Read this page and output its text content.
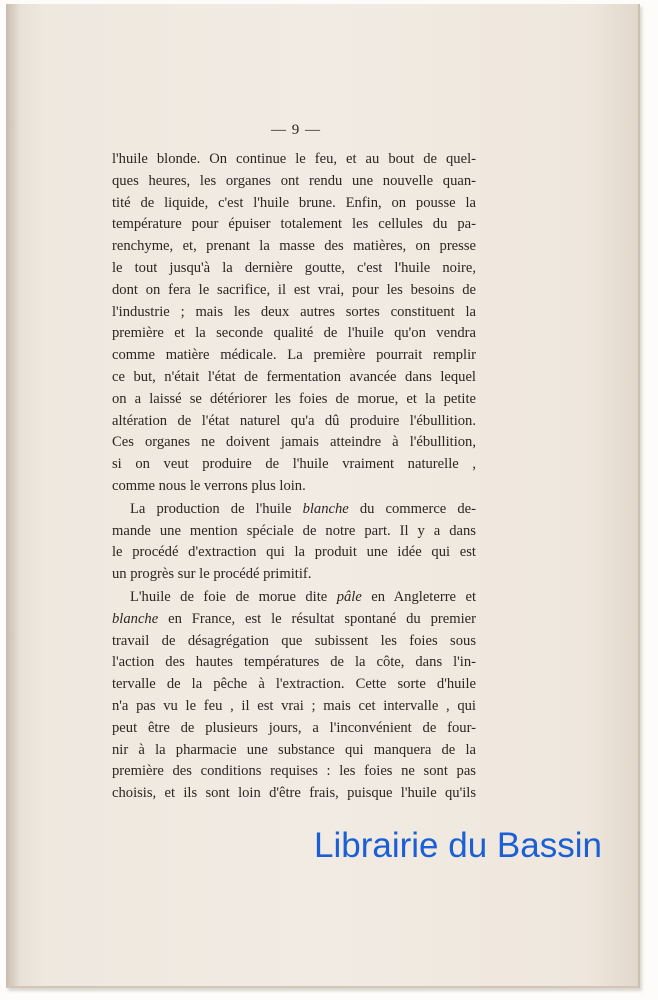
— 9 —
l'huile blonde. On continue le feu, et au bout de quel-
ques heures, les organes ont rendu une nouvelle quan-
tité de liquide, c'est l'huile brune. Enfin, on pousse la
température pour épuiser totalement les cellules du pa-
renchyme, et, prenant la masse des matières, on presse
le tout jusqu'à la dernière goutte, c'est l'huile noire,
dont on fera le sacrifice, il est vrai, pour les besoins de
l'industrie ; mais les deux autres sortes constituent la
première et la seconde qualité de l'huile qu'on vendra
comme matière médicale. La première pourrait remplir
ce but, n'était l'état de fermentation avancée dans lequel
on a laissé se détériorer les foies de morue, et la petite
altération de l'état naturel qu'a dû produire l'ébullition.
Ces organes ne doivent jamais atteindre à l'ébullition,
si on veut produire de l'huile vraiment naturelle ,
comme nous le verrons plus loin.
La production de l'huile blanche du commerce de-
mande une mention spéciale de notre part. Il y a dans
le procédé d'extraction qui la produit une idée qui est
un progrès sur le procédé primitif.
L'huile de foie de morue dite pâle en Angleterre et
blanche en France, est le résultat spontané du premier
travail de désagrégation que subissent les foies sous
l'action des hautes températures de la côte, dans l'in-
tervalle de la pêche à l'extraction. Cette sorte d'huile
n'a pas vu le feu , il est vrai ; mais cet intervalle , qui
peut être de plusieurs jours, a l'inconvénient de four-
nir à la pharmacie une substance qui manquera de la
première des conditions requises : les foies ne sont pas
choisis, et ils sont loin d'être frais, puisque l'huile qu'ils
Librairie du Bassin
